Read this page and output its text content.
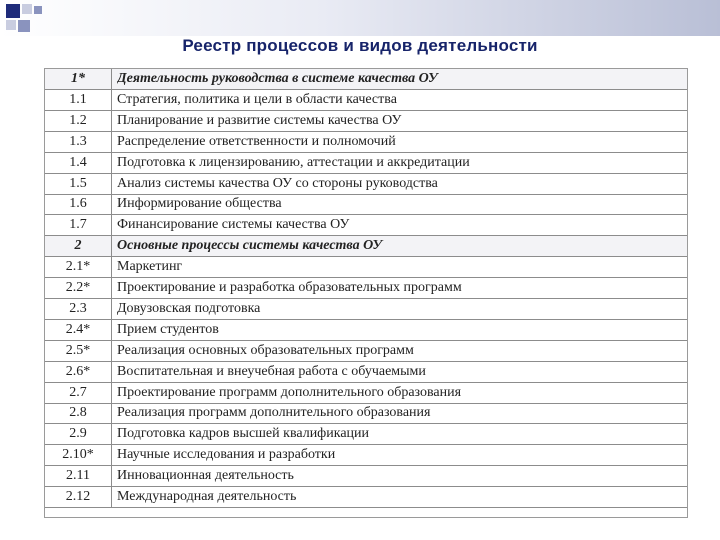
Реестр процессов и видов деятельности
1*	Деятельность руководства в системе качества ОУ
1.1	Стратегия, политика и цели в области качества
1.2	Планирование и развитие системы качества ОУ
1.3	Распределение ответственности и полномочий
1.4	Подготовка к лицензированию, аттестации и аккредитации
1.5	Анализ системы качества ОУ со стороны руководства
1.6	Информирование общества
1.7	Финансирование системы качества ОУ
2	Основные процессы системы качества ОУ
2.1*	Маркетинг
2.2*	Проектирование и разработка образовательных программ
2.3	Довузовская подготовка
2.4*	Прием студентов
2.5*	Реализация основных образовательных программ
2.6*	Воспитательная и внеучебная работа с обучаемыми
2.7	Проектирование программ дополнительного образования
2.8	Реализация программ дополнительного образования
2.9	Подготовка кадров высшей квалификации
2.10*	Научные исследования и разработки
2.11	Инновационная деятельность
2.12	Международная деятельность
